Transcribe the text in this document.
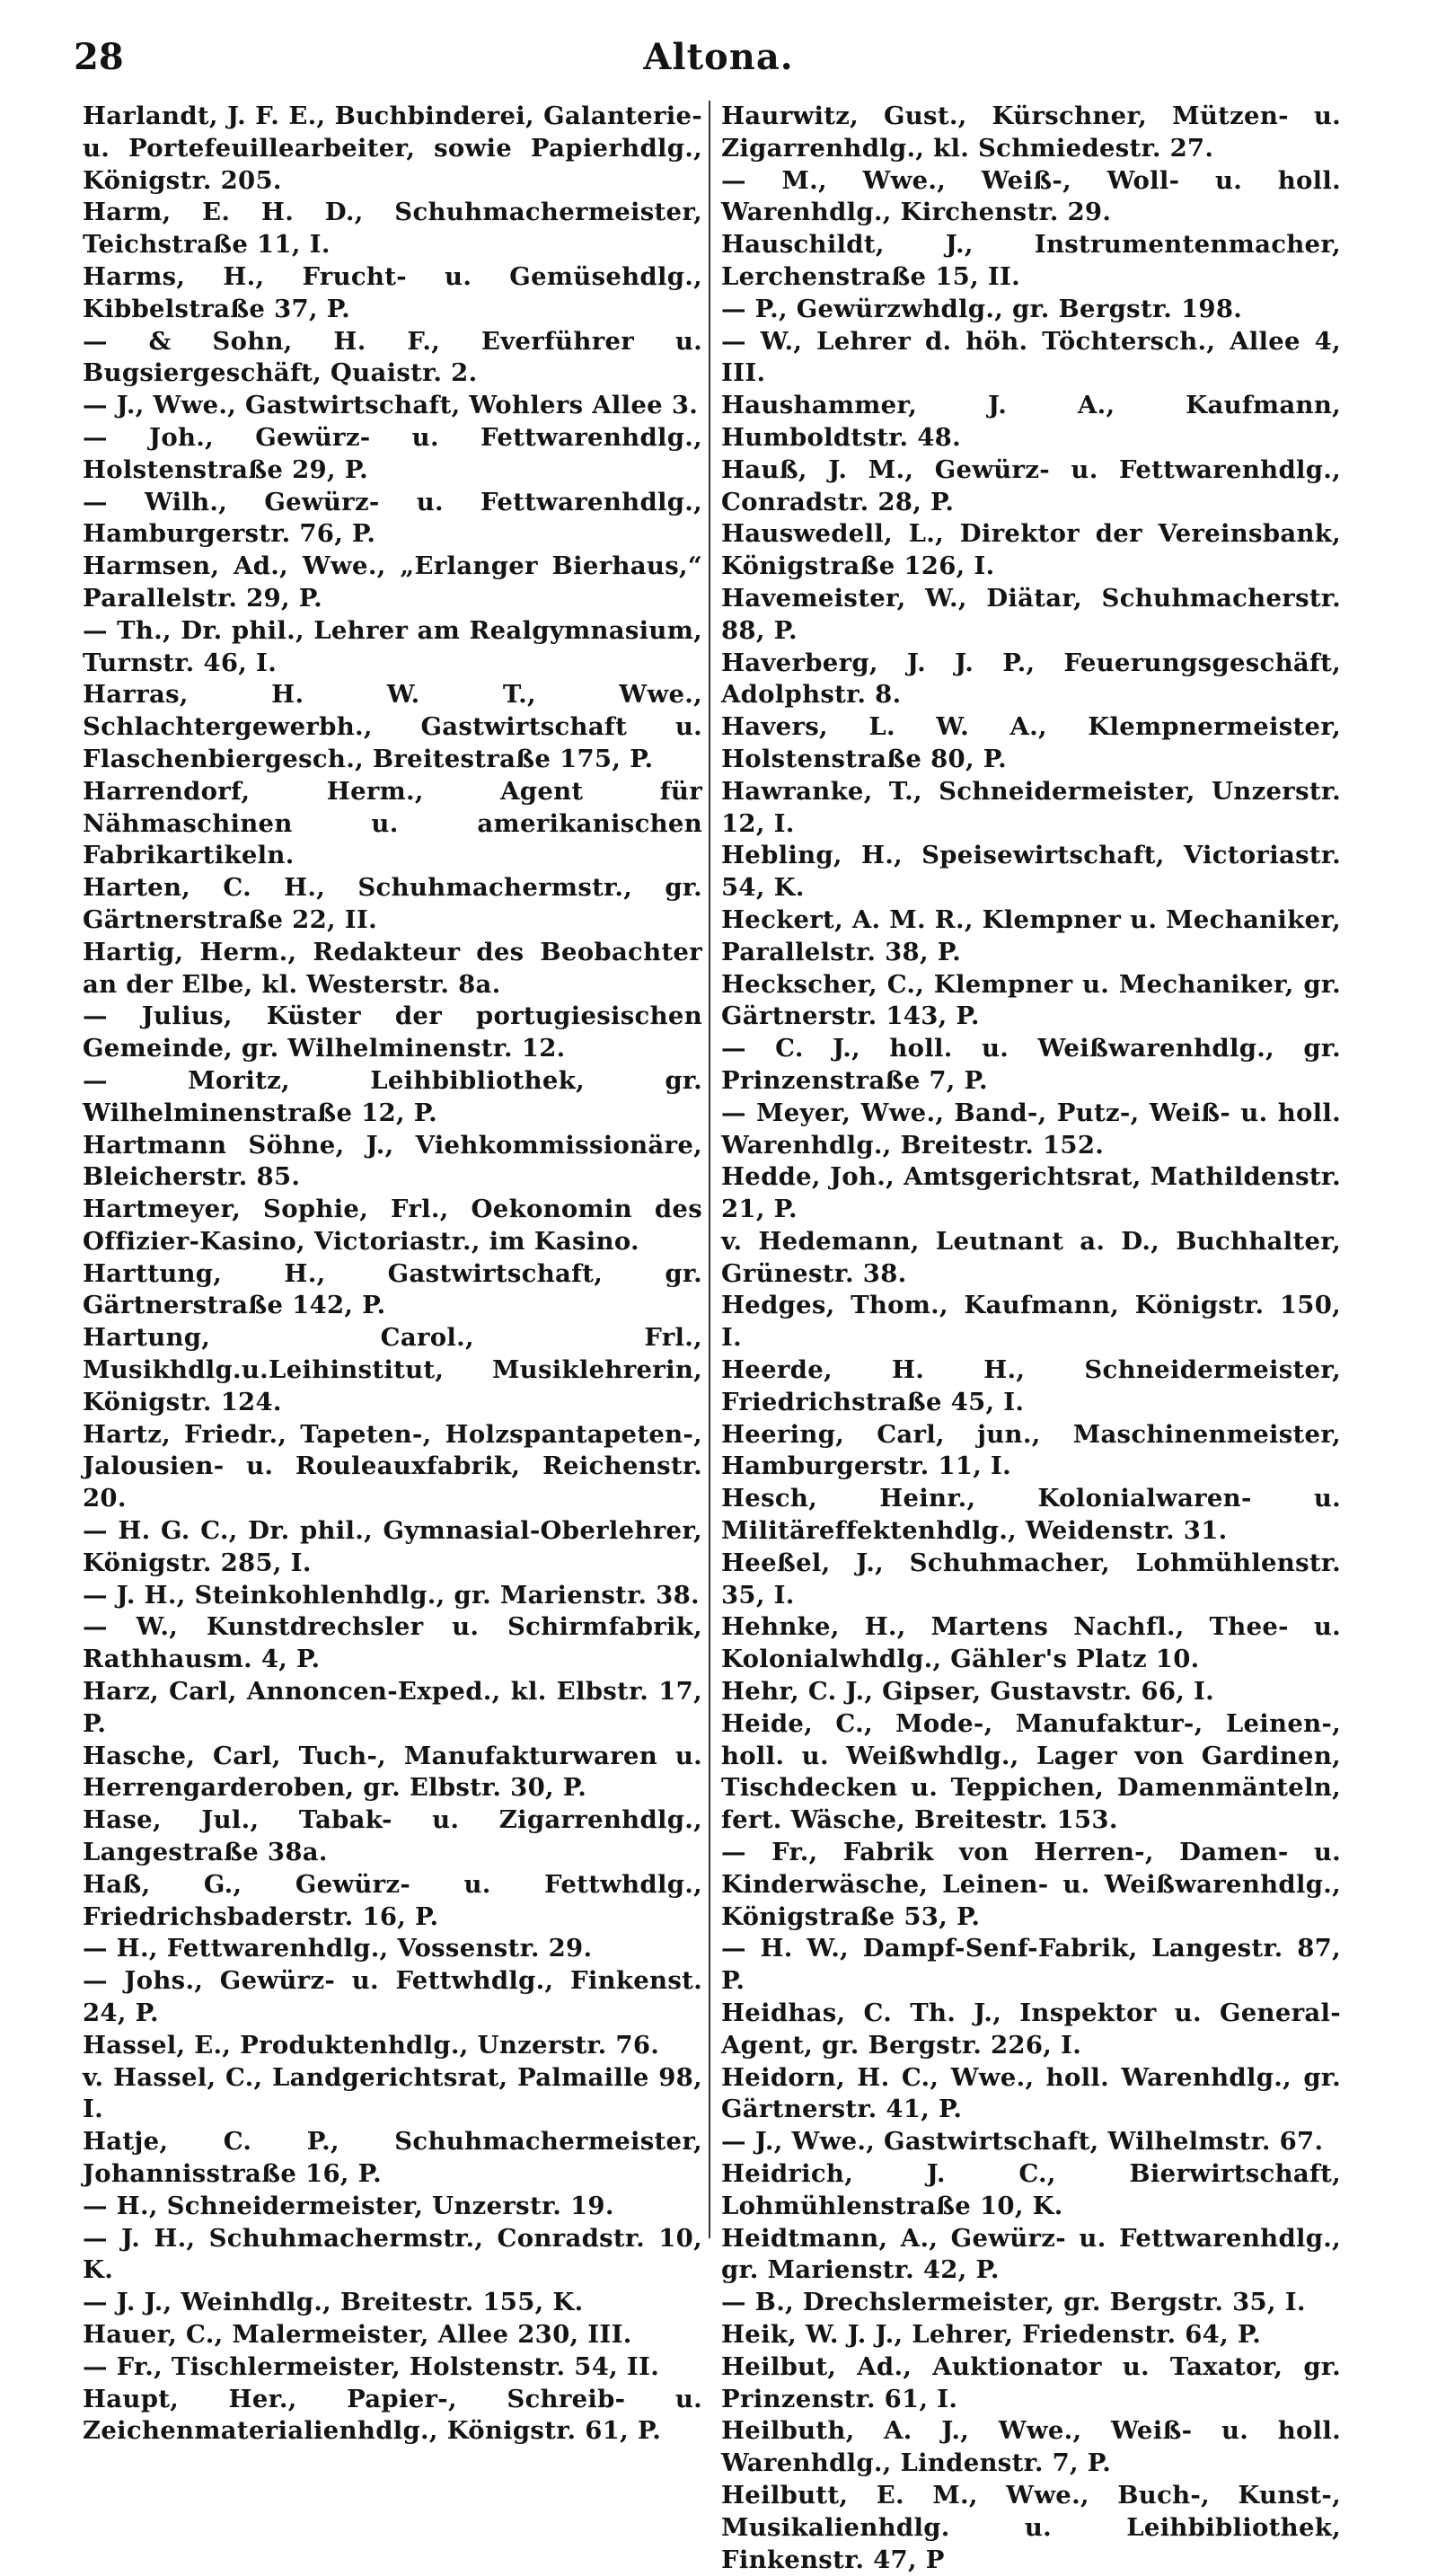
28	Altona.

Harlandt, J. F. E., Buchbinderei, Galanterie- u. Portefeuillearbeiter, sowie Papierhdlg., Königstr. 205.

Harm, E. H. D., Schuhmachermeister, Teichstraße 11, I.

Harms, H., Frucht- u. Gemüsehdlg., Kibbelstraße 37, P.

— & Sohn, H. F., Everführer u. Bugsiergeschäft, Quaistr. 2.

— J., Wwe., Gastwirtschaft, Wohlers Allee 3.

— Joh., Gewürz- u. Fettwarenhdlg., Holstenstraße 29, P.

— Wilh., Gewürz- u. Fettwarenhdlg., Hamburgerstr. 76, P.

Harmsen, Ad., Wwe., „Erlanger Bierhaus,“ Parallelstr. 29, P.

— Th., Dr. phil., Lehrer am Realgymnasium, Turnstr. 46, I.

Harras, H. W. T., Wwe., Schlachtergewerbh., Gastwirtschaft u. Flaschenbiergesch., Breitestraße 175, P.

Harrendorf, Herm., Agent für Nähmaschinen u. amerikanischen Fabrikartikeln.

Harten, C. H., Schuhmachermstr., gr. Gärtnerstraße 22, II.

Hartig, Herm., Redakteur des Beobachter an der Elbe, kl. Westerstr. 8a.

— Julius, Küster der portugiesischen Gemeinde, gr. Wilhelminenstr. 12.

— Moritz, Leihbibliothek, gr. Wilhelminenstraße 12, P.

Hartmann Söhne, J., Viehkommissionäre, Bleicherstr. 85.

Hartmeyer, Sophie, Frl., Oekonomin des Offizier-Kasino, Victoriastr., im Kasino.

Harttung, H., Gastwirtschaft, gr. Gärtnerstraße 142, P.

Hartung, Carol., Frl., Musikhdlg.u.Leihinstitut, Musiklehrerin, Königstr. 124.

Hartz, Friedr., Tapeten-, Holzspantapeten-, Jalousien- u. Rouleauxfabrik, Reichenstr. 20.

— H. G. C., Dr. phil., Gymnasial-Oberlehrer, Königstr. 285, I.

— J. H., Steinkohlenhdlg., gr. Marienstr. 38.

— W., Kunstdrechsler u. Schirmfabrik, Rathhausm. 4, P.

Harz, Carl, Annoncen-Exped., kl. Elbstr. 17, P.

Hasche, Carl, Tuch-, Manufakturwaren u. Herrengarderoben, gr. Elbstr. 30, P.

Hase, Jul., Tabak- u. Zigarrenhdlg., Langestraße 38a.

Haß, G., Gewürz- u. Fettwhdlg., Friedrichsbaderstr. 16, P.

— H., Fettwarenhdlg., Vossenstr. 29.

— Johs., Gewürz- u. Fettwhdlg., Finkenst. 24, P.

Hassel, E., Produktenhdlg., Unzerstr. 76.

v. Hassel, C., Landgerichtsrat, Palmaille 98, I.

Hatje, C. P., Schuhmachermeister, Johannisstraße 16, P.

— H., Schneidermeister, Unzerstr. 19.

— J. H., Schuhmachermstr., Conradstr. 10, K.

— J. J., Weinhdlg., Breitestr. 155, K.

Hauer, C., Malermeister, Allee 230, III.

— Fr., Tischlermeister, Holstenstr. 54, II.

Haupt, Her., Papier-, Schreib- u. Zeichenmaterialienhdlg., Königstr. 61, P.

Haurwitz, Gust., Kürschner, Mützen- u. Zigarrenhdlg., kl. Schmiedestr. 27.

— M., Wwe., Weiß-, Woll- u. holl. Warenhdlg., Kirchenstr. 29.

Hauschildt, J., Instrumentenmacher, Lerchenstraße 15, II.

— P., Gewürzwhdlg., gr. Bergstr. 198.

— W., Lehrer d. höh. Töchtersch., Allee 4, III.

Haushammer, J. A., Kaufmann, Humboldtstr. 48.

Hauß, J. M., Gewürz- u. Fettwarenhdlg., Conradstr. 28, P.

Hauswedell, L., Direktor der Vereinsbank, Königstraße 126, I.

Havemeister, W., Diätar, Schuhmacherstr. 88, P.

Haverberg, J. J. P., Feuerungsgeschäft, Adolphstr. 8.

Havers, L. W. A., Klempnermeister, Holstenstraße 80, P.

Hawranke, T., Schneidermeister, Unzerstr. 12, I.

Hebling, H., Speisewirtschaft, Victoriastr. 54, K.

Heckert, A. M. R., Klempner u. Mechaniker, Parallelstr. 38, P.

Heckscher, C., Klempner u. Mechaniker, gr. Gärtnerstr. 143, P.

— C. J., holl. u. Weißwarenhdlg., gr. Prinzenstraße 7, P.

— Meyer, Wwe., Band-, Putz-, Weiß- u. holl. Warenhdlg., Breitestr. 152.

Hedde, Joh., Amtsgerichtsrat, Mathildenstr. 21, P.

v. Hedemann, Leutnant a. D., Buchhalter, Grünestr. 38.

Hedges, Thom., Kaufmann, Königstr. 150, I.

Heerde, H. H., Schneidermeister, Friedrichstraße 45, I.

Heering, Carl, jun., Maschinenmeister, Hamburgerstr. 11, I.

Hesch, Heinr., Kolonialwaren- u. Militäreffektenhdlg., Weidenstr. 31.

Heeßel, J., Schuhmacher, Lohmühlenstr. 35, I.

Hehnke, H., Martens Nachfl., Thee- u. Kolonialwhdlg., Gähler's Platz 10.

Hehr, C. J., Gipser, Gustavstr. 66, I.

Heide, C., Mode-, Manufaktur-, Leinen-, holl. u. Weißwhdlg., Lager von Gardinen, Tischdecken u. Teppichen, Damenmänteln, fert. Wäsche, Breitestr. 153.

— Fr., Fabrik von Herren-, Damen- u. Kinderwäsche, Leinen- u. Weißwarenhdlg., Königstraße 53, P.

— H. W., Dampf-Senf-Fabrik, Langestr. 87, P.

Heidhas, C. Th. J., Inspektor u. General-Agent, gr. Bergstr. 226, I.

Heidorn, H. C., Wwe., holl. Warenhdlg., gr. Gärtnerstr. 41, P.

— J., Wwe., Gastwirtschaft, Wilhelmstr. 67.

Heidrich, J. C., Bierwirtschaft, Lohmühlenstraße 10, K.

Heidtmann, A., Gewürz- u. Fettwarenhdlg., gr. Marienstr. 42, P.

— B., Drechslermeister, gr. Bergstr. 35, I.

Heik, W. J. J., Lehrer, Friedenstr. 64, P.

Heilbut, Ad., Auktionator u. Taxator, gr. Prinzenstr. 61, I.

Heilbuth, A. J., Wwe., Weiß- u. holl. Warenhdlg., Lindenstr. 7, P.

Heilbutt, E. M., Wwe., Buch-, Kunst-, Musikalienhdlg. u. Leihbibliothek, Finkenstr. 47, P
